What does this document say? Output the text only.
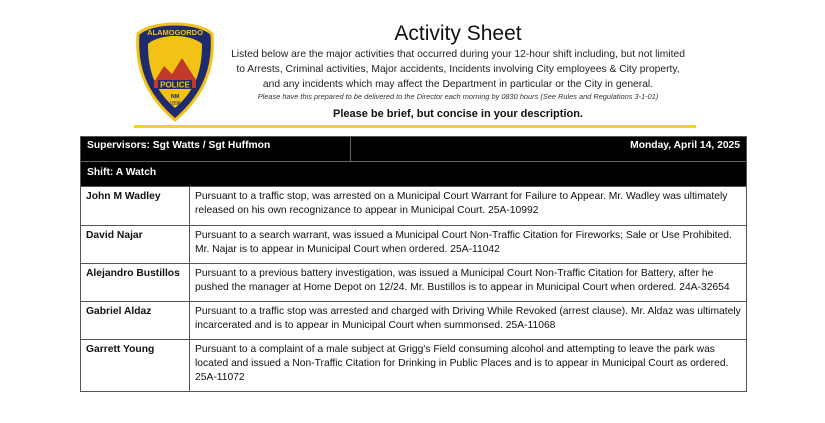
ALAMOGORDO
POLICE
NM
1898
Activity Sheet
Listed below are the major activities that occurred during your 12-hour shift including, but not limited to Arrests, Criminal activities, Major accidents, Incidents involving City employees & City property, and any incidents which may affect the Department in particular or the City in general.
Please have this prepared to be delivered to the Director each morning by 0830 hours (See Rules and Regulations 3-1-01)
Please be brief, but concise in your description.
Supervisors: Sgt Watts / Sgt Huffmon	Monday, April 14, 2025
Shift: A Watch
John M Wadley	Pursuant to a traffic stop, was arrested on a Municipal Court Warrant for Failure to Appear. Mr. Wadley was ultimately released on his own recognizance to appear in Municipal Court. 25A-10992
David Najar	Pursuant to a search warrant, was issued a Municipal Court Non-Traffic Citation for Fireworks; Sale or Use Prohibited. Mr. Najar is to appear in Municipal Court when ordered. 25A-11042
Alejandro Bustillos	Pursuant to a previous battery investigation, was issued a Municipal Court Non-Traffic Citation for Battery, after he pushed the manager at Home Depot on 12/24. Mr. Bustillos is to appear in Municipal Court when ordered. 24A-32654
Gabriel Aldaz	Pursuant to a traffic stop was arrested and charged with Driving While Revoked (arrest clause). Mr. Aldaz was ultimately incarcerated and is to appear in Municipal Court when summonsed. 25A-11068
Garrett Young	Pursuant to a complaint of a male subject at Grigg's Field consuming alcohol and attempting to leave the park was located and issued a Non-Traffic Citation for Drinking in Public Places and is to appear in Municipal Court as ordered. 25A-11072
